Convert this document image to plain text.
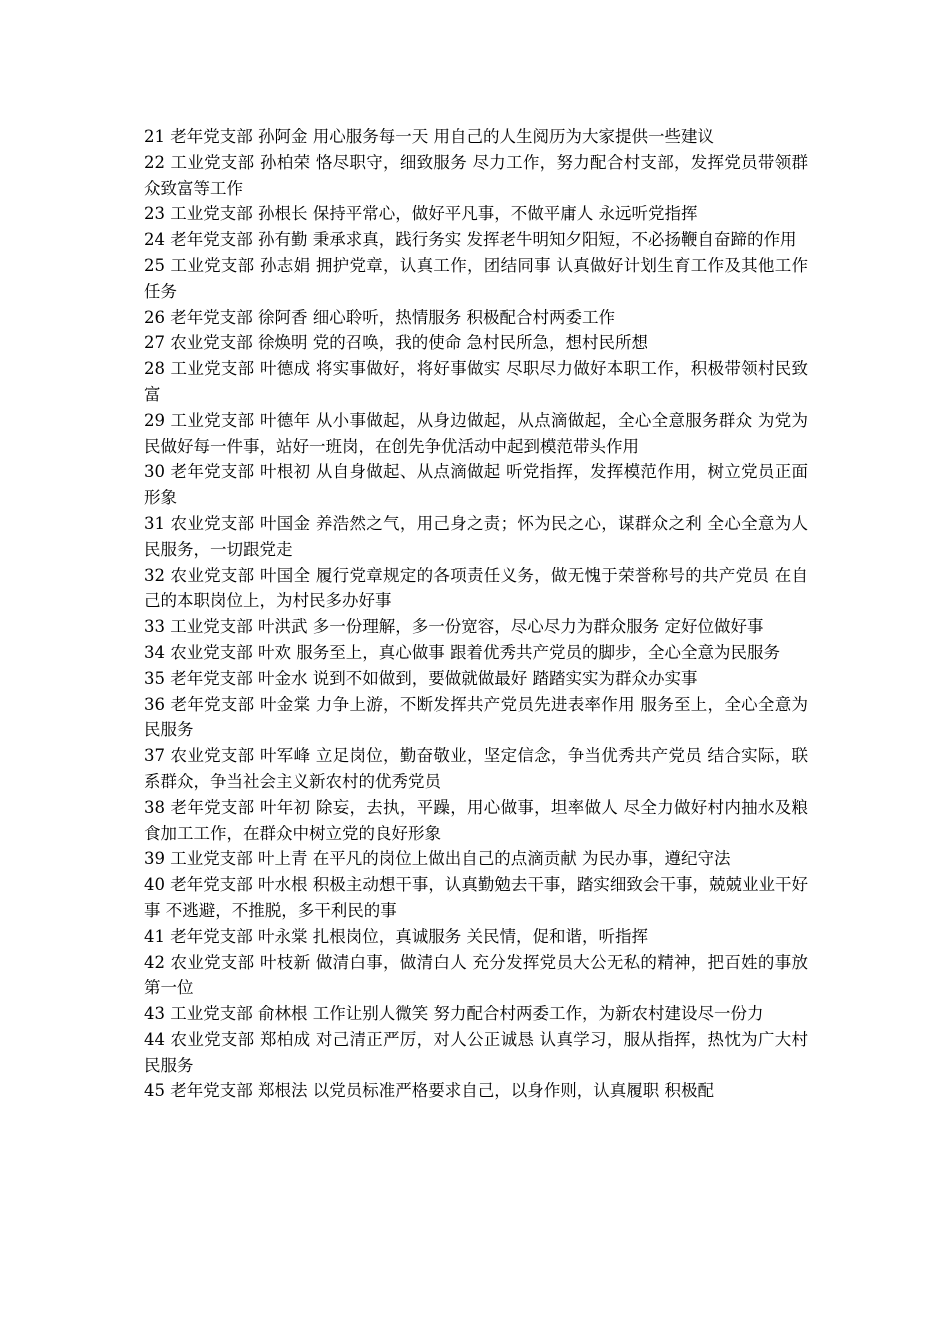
21 老年党支部 孙阿金 用心服务每一天 用自己的人生阅历为大家提供一些建议

22 工业党支部 孙柏荣 恪尽职守，细致服务 尽力工作，努力配合村支部，发挥党员带领群众致富等工作

23 工业党支部 孙根长 保持平常心，做好平凡事，不做平庸人 永远听党指挥

24 老年党支部 孙有勤 秉承求真，践行务实 发挥老牛明知夕阳短，不必扬鞭自奋蹄的作用

25 工业党支部 孙志娟 拥护党章，认真工作，团结同事 认真做好计划生育工作及其他工作任务

26 老年党支部 徐阿香 细心聆听，热情服务 积极配合村两委工作

27 农业党支部 徐焕明 党的召唤，我的使命 急村民所急，想村民所想

28 工业党支部 叶德成 将实事做好，将好事做实 尽职尽力做好本职工作，积极带领村民致富

29 工业党支部 叶德年 从小事做起，从身边做起，从点滴做起，全心全意服务群众 为党为民做好每一件事，站好一班岗，在创先争优活动中起到模范带头作用

30 老年党支部 叶根初 从自身做起、从点滴做起 听党指挥，发挥模范作用，树立党员正面形象

31 农业党支部 叶国金 养浩然之气，用己身之责；怀为民之心，谋群众之利 全心全意为人民服务，一切跟党走

32 农业党支部 叶国全 履行党章规定的各项责任义务，做无愧于荣誉称号的共产党员 在自己的本职岗位上，为村民多办好事

33 工业党支部 叶洪武 多一份理解，多一份宽容，尽心尽力为群众服务 定好位做好事

34 农业党支部 叶欢 服务至上，真心做事 跟着优秀共产党员的脚步，全心全意为民服务

35 老年党支部 叶金水 说到不如做到，要做就做最好 踏踏实实为群众办实事

36 老年党支部 叶金棠 力争上游，不断发挥共产党员先进表率作用 服务至上，全心全意为民服务

37 农业党支部 叶军峰 立足岗位，勤奋敬业，坚定信念，争当优秀共产党员 结合实际，联系群众，争当社会主义新农村的优秀党员

38 老年党支部 叶年初 除妄，去执，平躁，用心做事，坦率做人 尽全力做好村内抽水及粮食加工工作，在群众中树立党的良好形象

39 工业党支部 叶上青 在平凡的岗位上做出自己的点滴贡献 为民办事，遵纪守法

40 老年党支部 叶水根 积极主动想干事，认真勤勉去干事，踏实细致会干事，兢兢业业干好事 不逃避，不推脱，多干利民的事

41 老年党支部 叶永棠 扎根岗位，真诚服务 关民情，促和谐，听指挥

42 农业党支部 叶枝新 做清白事，做清白人 充分发挥党员大公无私的精神，把百姓的事放第一位

43 工业党支部 俞林根 工作让别人微笑 努力配合村两委工作，为新农村建设尽一份力

44 农业党支部 郑柏成 对己清正严厉，对人公正诚恳 认真学习，服从指挥，热忱为广大村民服务

45 老年党支部 郑根法 以党员标准严格要求自己，以身作则，认真履职 积极配
